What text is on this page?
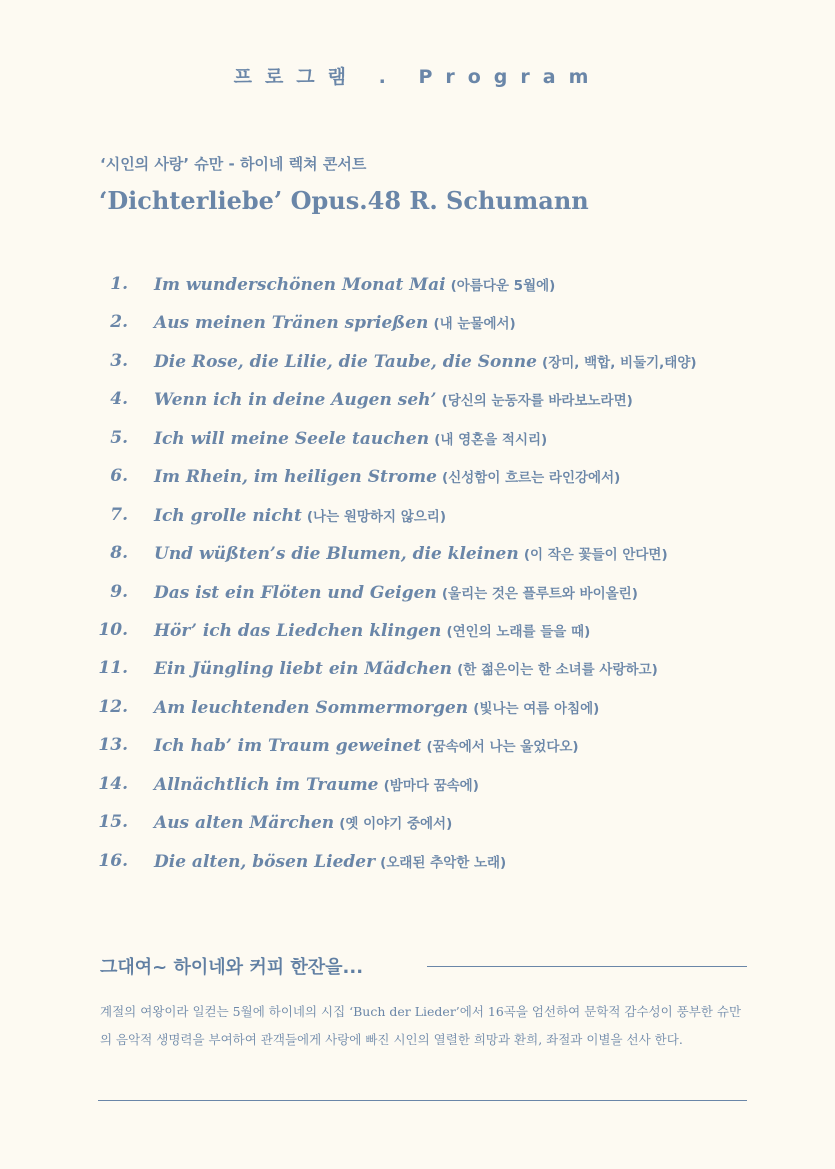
프로그램 . Program
‘시인의 사랑’ 슈만 - 하이네 렉쳐 콘서트
‘Dichterliebe’ Opus.48 R. Schumann
1. Im wunderschönen Monat Mai (아름다운 5월에)
2. Aus meinen Tränen sprießen (내 눈물에서)
3. Die Rose, die Lilie, die Taube, die Sonne (장미, 백합, 비둘기,태양)
4. Wenn ich in deine Augen seh’ (당신의 눈동자를 바라보노라면)
5. Ich will meine Seele tauchen (내 영혼을 적시리)
6. Im Rhein, im heiligen Strome (신성함이 흐르는 라인강에서)
7. Ich grolle nicht (나는 원망하지 않으리)
8. Und wüßten’s die Blumen, die kleinen (이 작은 꽃들이 안다면)
9. Das ist ein Flöten und Geigen (울리는 것은 플루트와 바이올린)
10. Hör’ ich das Liedchen klingen (연인의 노래를 들을 때)
11. Ein Jüngling liebt ein Mädchen (한 젊은이는 한 소녀를 사랑하고)
12. Am leuchtenden Sommermorgen (빛나는 여름 아침에)
13. Ich hab’ im Traum geweinet (꿈속에서 나는 울었다오)
14. Allnächtlich im Traume (밤마다 꿈속에)
15. Aus alten Märchen (옛 이야기 중에서)
16. Die alten, bösen Lieder (오래된 추악한 노래)
그대여~ 하이네와 커피 한잔을...

계절의 여왕이라 일컫는 5월에 하이네의 시집 ‘Buch der Lieder’에서 16곡을 엄선하여 문학적 감수성이 풍부한 슈만의 음악적 생명력을 부여하여 관객들에게 사랑에 빠진 시인의 열렬한 희망과 환희, 좌절과 이별을 선사 한다.
